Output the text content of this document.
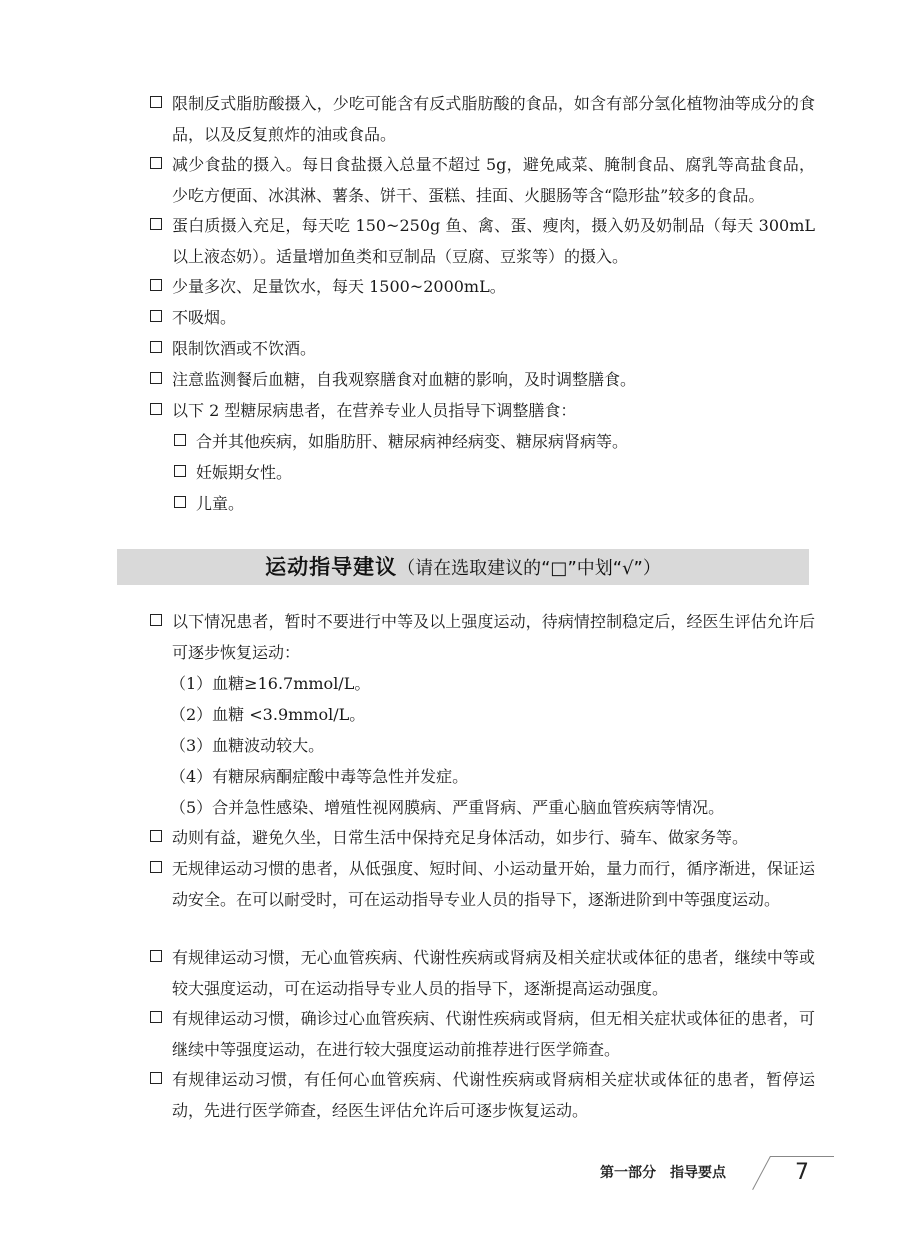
限制反式脂肪酸摄入，少吃可能含有反式脂肪酸的食品，如含有部分氢化植物油等成分的食品，以及反复煎炸的油或食品。
减少食盐的摄入。每日食盐摄入总量不超过 5g，避免咸菜、腌制食品、腐乳等高盐食品，少吃方便面、冰淇淋、薯条、饼干、蛋糕、挂面、火腿肠等含“隐形盐”较多的食品。
蛋白质摄入充足，每天吃 150~250g 鱼、禽、蛋、瘦肉，摄入奶及奶制品（每天 300mL 以上液态奶）。适量增加鱼类和豆制品（豆腐、豆浆等）的摄入。
少量多次、足量饮水，每天 1500~2000mL。
不吸烟。
限制饮酒或不饮酒。
注意监测餐后血糖，自我观察膳食对血糖的影响，及时调整膳食。
以下 2 型糖尿病患者，在营养专业人员指导下调整膳食：
合并其他疾病，如脂肪肝、糖尿病神经病变、糖尿病肾病等。
妊娠期女性。
儿童。
运动指导建议（请在选取建议的“□”中划“√”）
以下情况患者，暂时不要进行中等及以上强度运动，待病情控制稳定后，经医生评估允许后可逐步恢复运动：
（1）血糖≥16.7mmol/L。
（2）血糖 <3.9mmol/L。
（3）血糖波动较大。
（4）有糖尿病酮症酸中毒等急性并发症。
（5）合并急性感染、增殖性视网膜病、严重肾病、严重心脑血管疾病等情况。
动则有益，避免久坐，日常生活中保持充足身体活动，如步行、骑车、做家务等。
无规律运动习惯的患者，从低强度、短时间、小运动量开始，量力而行，循序渐进，保证运动安全。在可以耐受时，可在运动指导专业人员的指导下，逐渐进阶到中等强度运动。
有规律运动习惯，无心血管疾病、代谢性疾病或肾病及相关症状或体征的患者，继续中等或较大强度运动，可在运动指导专业人员的指导下，逐渐提高运动强度。
有规律运动习惯，确诊过心血管疾病、代谢性疾病或肾病，但无相关症状或体征的患者，可继续中等强度运动，在进行较大强度运动前推荐进行医学筛查。
有规律运动习惯，有任何心血管疾病、代谢性疾病或肾病相关症状或体征的患者，暂停运动，先进行医学筛查，经医生评估允许后可逐步恢复运动。
第一部分　指导要点	7
